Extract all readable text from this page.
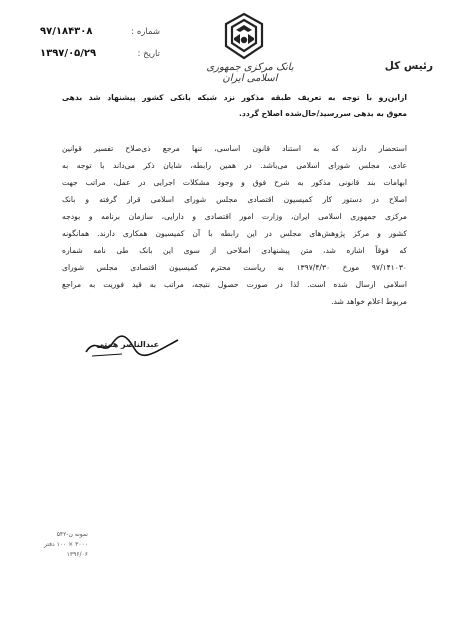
شماره :
۹۷/۱۸۴۳۰۸
تاریخ :
۱۳۹۷/۰۵/۲۹
بانک مرکزی جمهوری اسلامی ایران
رئیس کل
ازاین‌رو با توجه به تعریف طبقه مذکور نزد شبکه بانکی کشور پیشنهاد شد بدهی
معوق به بدهی سررسید/حال‌شده اصلاح گردد.
استحضار دارند که به استناد قانون اساسی، تنها مرجع ذی‌صلاح تفسیر قوانین
عادی، مجلس شورای اسلامی می‌باشد. در همین رابطه، شایان ذکر می‌داند با توجه به
ابهامات بند قانونی مذکور به شرح فوق و وجود مشکلات اجرایی در عمل، مراتب جهت
اصلاح در دستور کار کمیسیون اقتصادی مجلس شورای اسلامی قرار گرفته و بانک
مرکزی جمهوری اسلامی ایران، وزارت امور اقتصادی و دارایی، سازمان برنامه و بودجه
کشور و مرکز پژوهش‌های مجلس در این رابطه با آن کمیسیون همکاری دارند. همانگونه
که فوقاً اشاره شد، متن پیشنهادی اصلاحی از سوی این بانک طی نامه شماره
۹۷/۱۴۱۰۳۰ مورخ ۱۳۹۷/۴/۳۰ به ریاست محترم کمیسیون اقتصادی مجلس شورای
اسلامی ارسال شده است. لذا در صورت حصول نتیجه، مراتب به قید فوریت به مراجع
مربوط اعلام خواهد شد.
عبدالناصر همتی
نمونه ن-۵۴۲
۳۰۰۰ × ۱۰۰ دفتر
۱۳۹۶/۰۶
